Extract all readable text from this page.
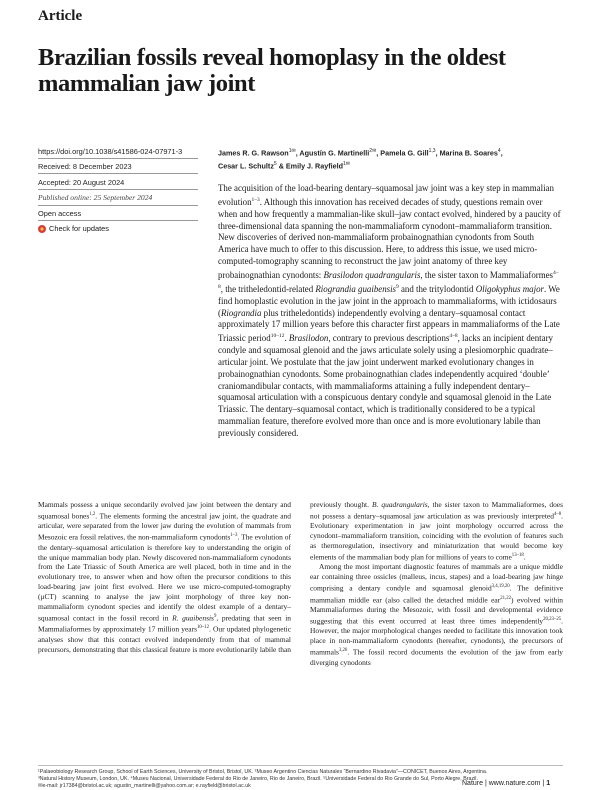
Article
Brazilian fossils reveal homoplasy in the oldest mammalian jaw joint
https://doi.org/10.1038/s41586-024-07971-3
Received: 8 December 2023
Accepted: 20 August 2024
Published online: 25 September 2024
Open access
Check for updates
James R. G. Rawson$^{1✉}$, Agustín G. Martinelli$^{2✉}$, Pamela G. Gill$^{1,3}$, Marina B. Soares$^4$,
Cesar L. Schultz$^5$ & Emily J. Rayfield$^{1✉}$
The acquisition of the load-bearing dentary–squamosal jaw joint was a key step in mammalian evolution$^{1-3}$. Although this innovation has received decades of study, questions remain over when and how frequently a mammalian-like skull–jaw contact evolved, hindered by a paucity of three-dimensional data spanning the non-mammaliaform cynodont–mammaliaform transition. New discoveries of derived non-mammaliaform probainognathian cynodonts from South America have much to offer to this discussion. Here, to address this issue, we used micro-computed-tomography scanning to reconstruct the jaw joint anatomy of three key probainognathian cynodonts: Brasilodon quadrangularis, the sister taxon to Mammaliaformes$^{4-8}$, the tritheledontid-related Riograndia guaibensis$^9$ and the tritylodontid Oligokyphus major. We find homoplastic evolution in the jaw joint in the approach to mammaliaforms, with ictidosaurs (Riograndia plus tritheledontids) independently evolving a dentary–squamosal contact approximately 17 million years before this character first appears in mammaliaforms of the Late Triassic period$^{10-12}$. Brasilodon, contrary to previous descriptions$^{4-8}$, lacks an incipient dentary condyle and squamosal glenoid and the jaws articulate solely using a plesiomorphic quadrate–articular joint. We postulate that the jaw joint underwent marked evolutionary changes in probainognathian cynodonts. Some probainognathian clades independently acquired ‘double’ craniomandibular contacts, with mammaliaforms attaining a fully independent dentary–squamosal articulation with a conspicuous dentary condyle and squamosal glenoid in the Late Triassic. The dentary–squamosal contact, which is traditionally considered to be a typical mammalian feature, therefore evolved more than once and is more evolutionary labile than previously considered.

Mammals possess a unique secondarily evolved jaw joint between the dentary and squamosal bones$^{1,2}$. The elements forming the ancestral jaw joint, the quadrate and articular, were separated from the lower jaw during the evolution of mammals from Mesozoic era fossil relatives, the non-mammaliaform cynodonts$^{1-3}$. The evolution of the dentary–squamosal articulation is therefore key to understanding the origin of the unique mammalian body plan. Newly discovered non-mammaliaform cynodonts from the Late Triassic of South America are well placed, both in time and in the evolutionary tree, to answer when and how often the precursor conditions to this load-bearing jaw joint first evolved. Here we use micro-computed-tomography (μCT) scanning to analyse the jaw joint morphology of three key non-mammaliaform cynodont species and identify the oldest example of a dentary–squamosal contact in the fossil record in R. guaibensis$^9$, predating that seen in Mammaliaformes by approximately 17 million years$^{10-12}$. Our updated phylogenetic analyses show that this contact evolved independently from that of mammal precursors, demonstrating that this classical feature is more evolutionarily labile than

previously thought. B. quadrangularis, the sister taxon to Mammaliaformes, does not possess a dentary–squamosal jaw articulation as was previously interpreted$^{4-8}$. Evolutionary experimentation in jaw joint morphology occurred across the cynodont–mammaliaform transition, coinciding with the evolution of features such as thermoregulation, insectivory and miniaturization that would become key elements of the mammalian body plan for millions of years to come$^{13-18}$.

Among the most important diagnostic features of mammals are a unique middle ear containing three ossicles (malleus, incus, stapes) and a load-bearing jaw hinge comprising a dentary condyle and squamosal glenoid$^{3,4,19,20}$. The definitive mammalian middle ear (also called the detached middle ear$^{21,22}$) evolved within Mammaliaformes during the Mesozoic, with fossil and developmental evidence suggesting that this event occurred at least three times independently$^{20,23-25}$. However, the major morphological changes needed to facilitate this innovation took place in non-mammaliaform cynodonts (hereafter, cynodonts), the precursors of mammals$^{3,26}$. The fossil record documents the evolution of the jaw from early diverging cynodonts

¹Palaeobiology Research Group, School of Earth Sciences, University of Bristol, Bristol, UK. ²Museo Argentino Ciencias Naturales “Bernardino Rivadavia”—CONICET, Buenos Aires, Argentina.
³Natural History Museum, London, UK. ⁴Museu Nacional, Universidade Federal do Rio de Janeiro, Rio de Janeiro, Brazil. ⁵Universidade Federal do Rio Grande do Sul, Porto Alegre, Brazil.
✉e-mail: jr17384@bristol.ac.uk; agustin_martinelli@yahoo.com.ar; e.rayfield@bristol.ac.uk	Nature | www.nature.com | 1
